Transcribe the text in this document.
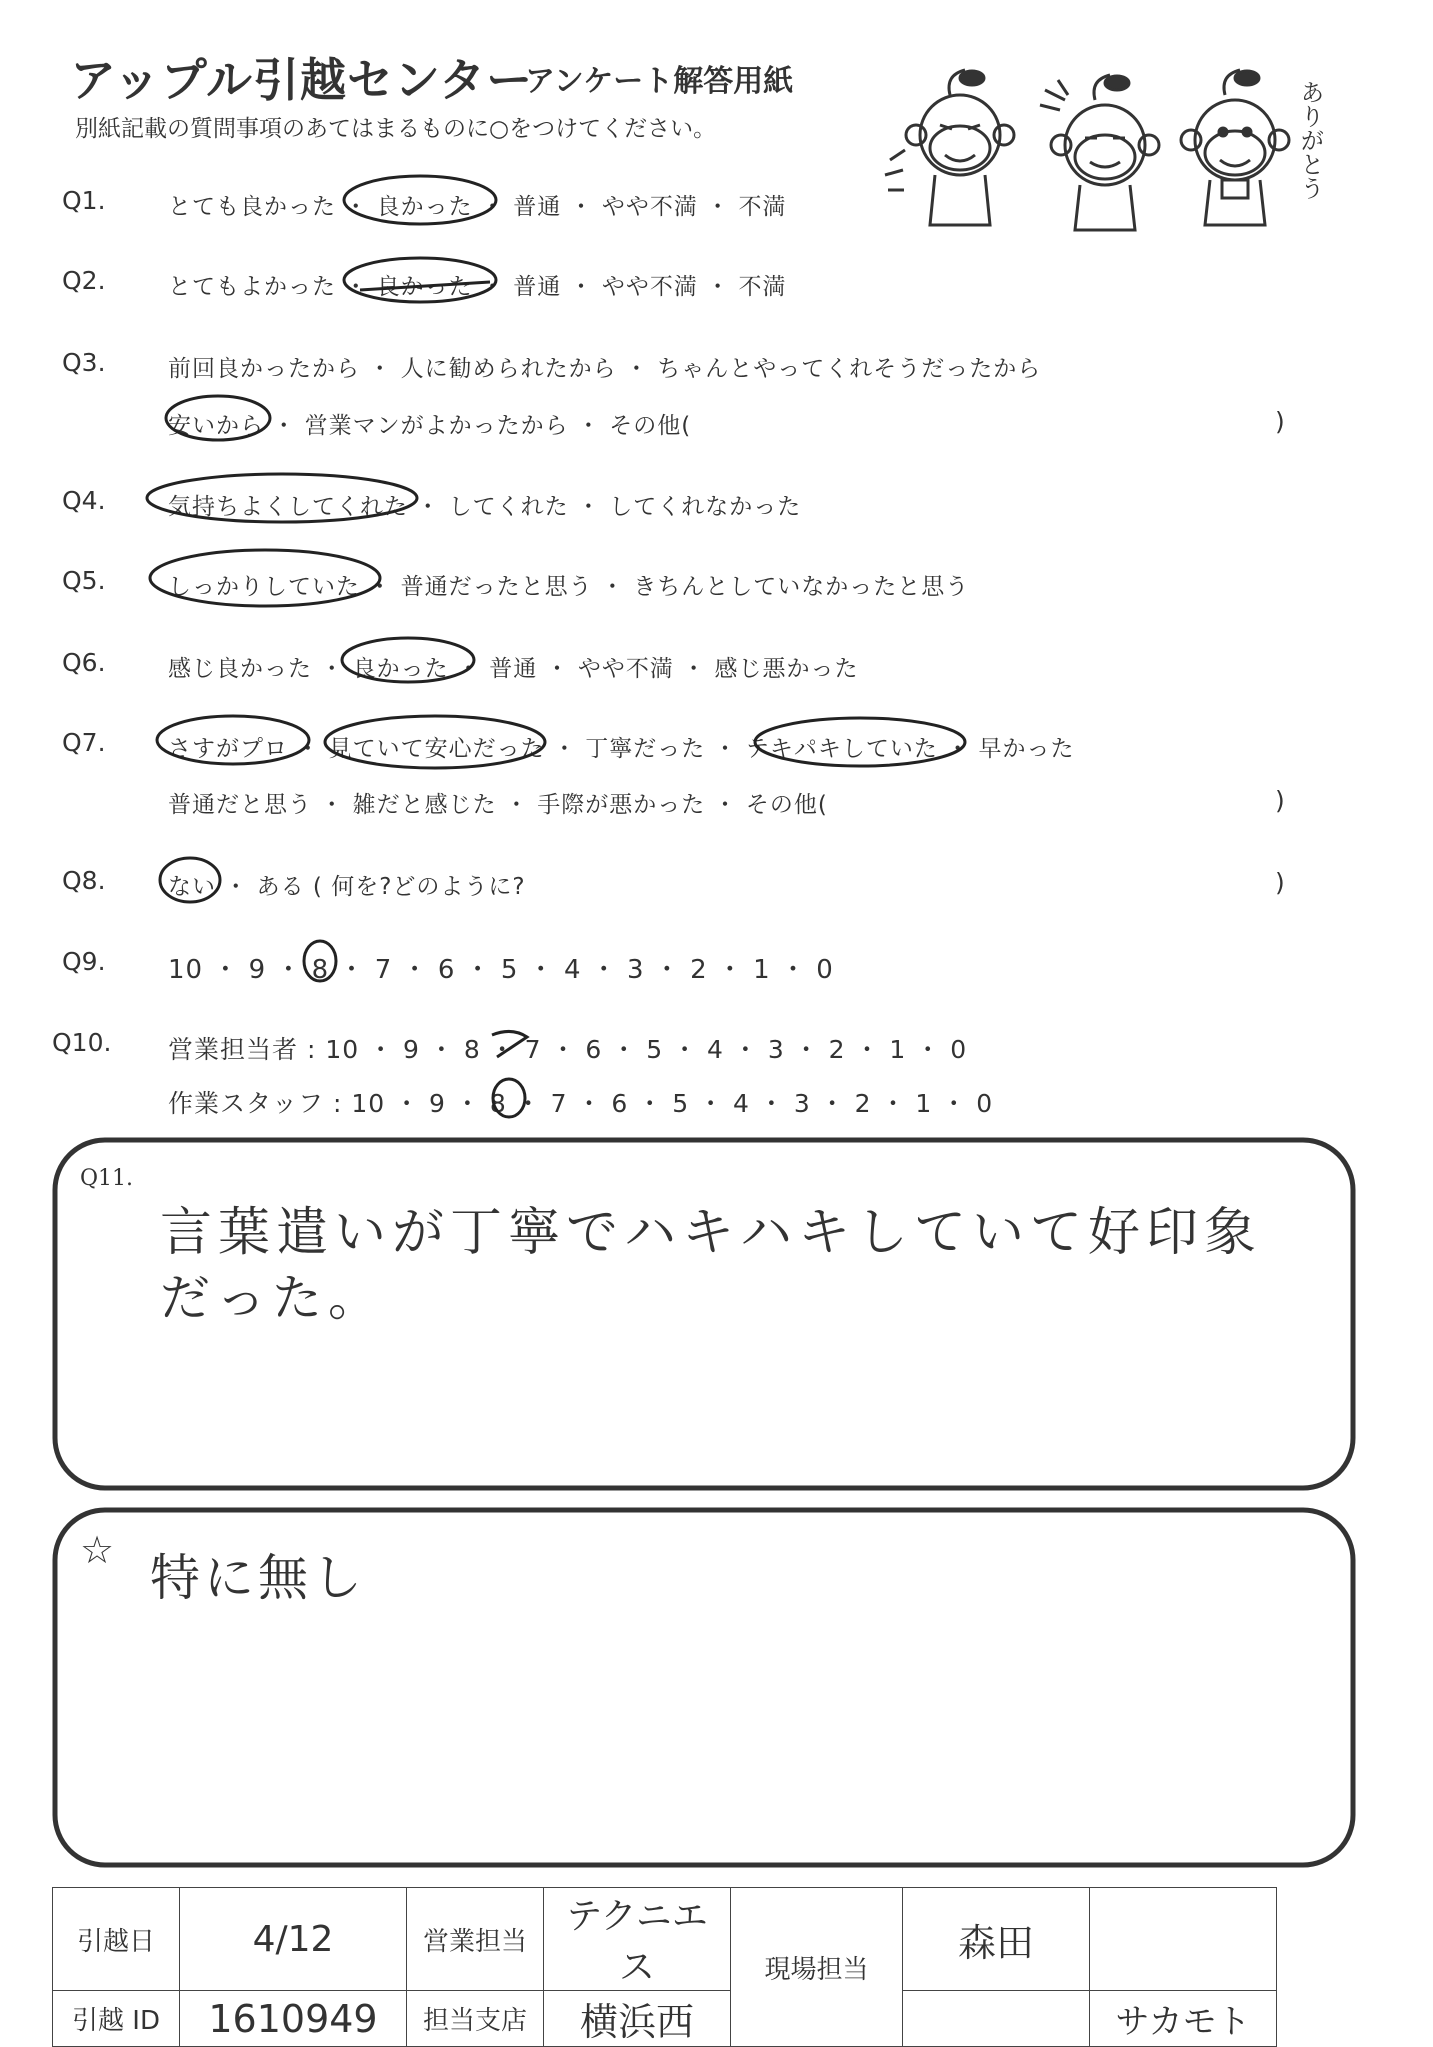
アップル引越センター
アンケート解答用紙
別紙記載の質問事項のあてはまるものに○をつけてください。	ありがとう
Q1.	とても良かった ・ 良かった ・ 普通 ・ やや不満 ・ 不満
Q2.	とてもよかった ・ 良かった ・ 普通 ・ やや不満 ・ 不満
Q3.	前回良かったから ・ 人に勧められたから ・ ちゃんとやってくれそうだったから
安いから ・ 営業マンがよかったから ・ その他(	)
Q4.	気持ちよくしてくれた ・ してくれた ・ してくれなかった
Q5.	しっかりしていた ・ 普通だったと思う ・ きちんとしていなかったと思う
Q6.	感じ良かった ・ 良かった ・ 普通 ・ やや不満 ・ 感じ悪かった
Q7.	さすがプロ ・ 見ていて安心だった ・ 丁寧だった ・ テキパキしていた ・ 早かった
普通だと思う ・ 雑だと感じた ・ 手際が悪かった ・ その他(	)
Q8.	ない ・ ある ( 何を?どのように?	)
Q9. 10 ・ 9 ・ 8 ・ 7 ・ 6 ・ 5 ・ 4 ・ 3 ・ 2 ・ 1 ・ 0
Q10. 営業担当者 : 10 ・ 9 ・ 8 ・ 7 ・ 6 ・ 5 ・ 4 ・ 3 ・ 2 ・ 1 ・ 0
作業スタッフ : 10 ・ 9 ・ 8 ・ 7 ・ 6 ・ 5 ・ 4 ・ 3 ・ 2 ・ 1 ・ 0
Q11.
言葉遣いが丁寧でハキハキしていて好印象
だった。
☆ 特に無し
引越日	4/12	営業担当	テクニエス	現場担当	森田	
引越 ID	1610949	担当支店	横浜西			サカモト
